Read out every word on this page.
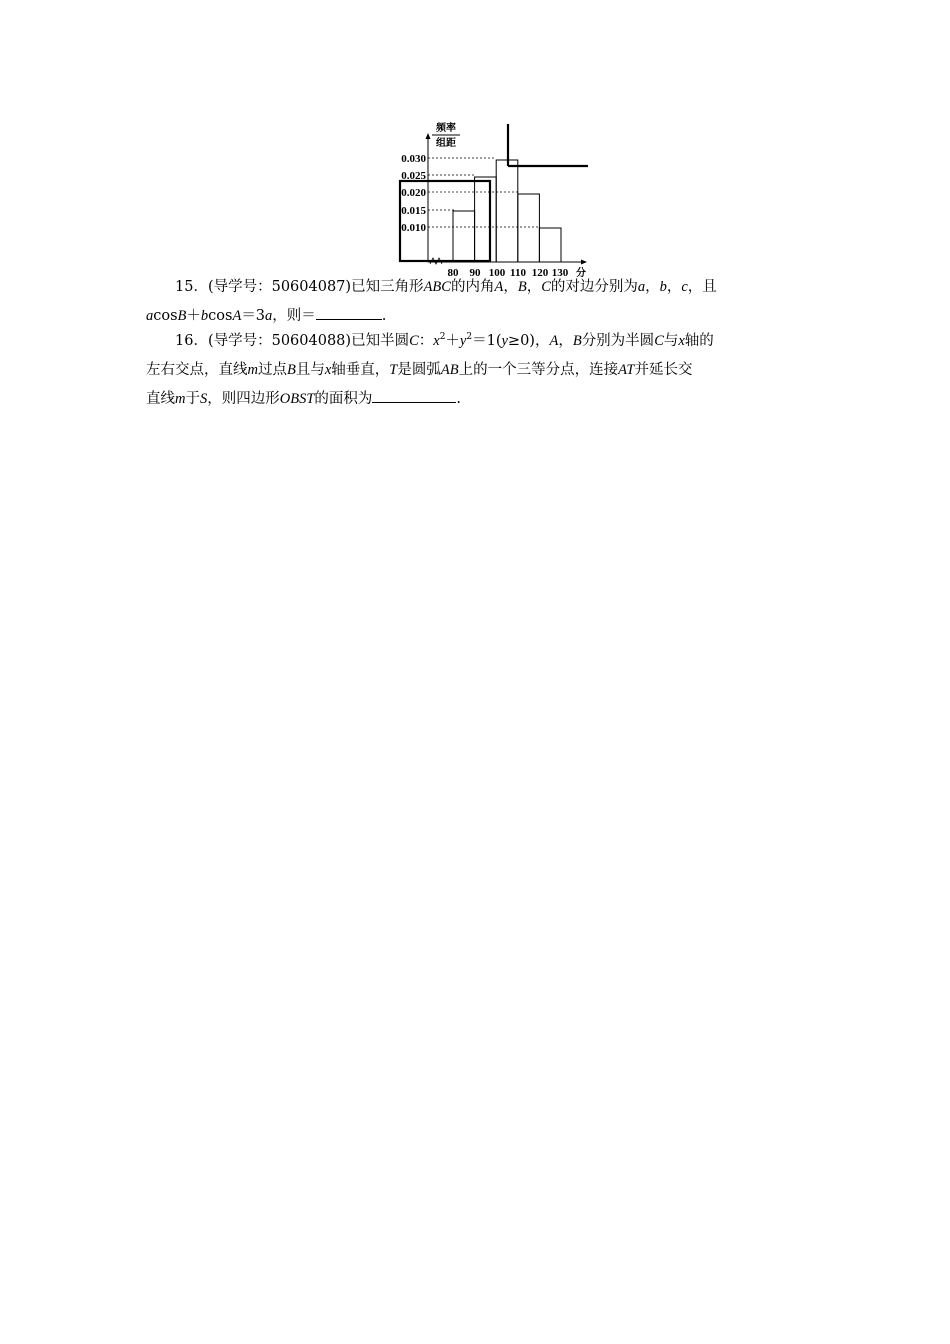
频率
组距
0.030
0.025
0.020
0.015
0.010
80 90 100 110 120 130 分
15．(导学号：50604087)已知三角形ABC的内角A，B，C的对边分别为a，b，c，且
acosB＋bcosA＝3a，则＝	.
16．(导学号：50604088)已知半圆C：$x^2+y^2=1(y\ge 0)$，A，B分别为半圆C与x轴的
左右交点，直线m过点B且与x轴垂直，T是圆弧AB上的一个三等分点，连接AT并延长交
直线m于S，则四边形OBST的面积为	.
